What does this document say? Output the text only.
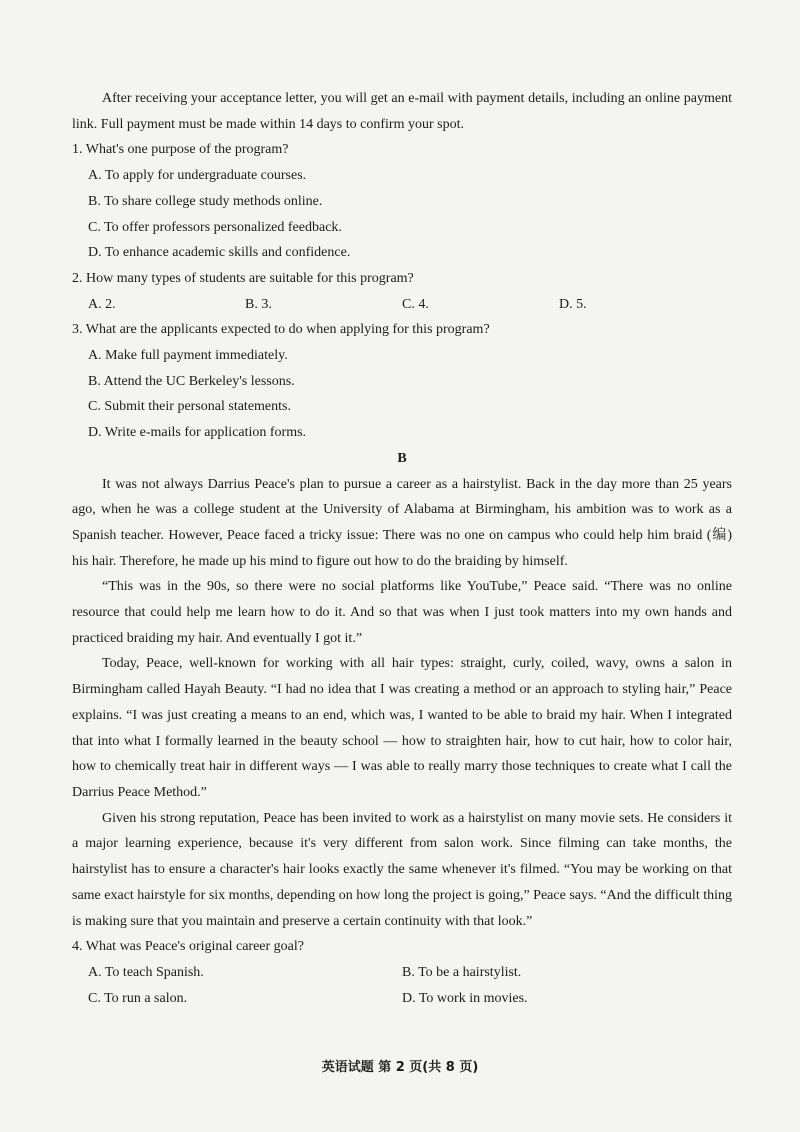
After receiving your acceptance letter, you will get an e-mail with payment details, including an online payment link. Full payment must be made within 14 days to confirm your spot.

1. What's one purpose of the program?

A. To apply for undergraduate courses.

B. To share college study methods online.

C. To offer professors personalized feedback.

D. To enhance academic skills and confidence.

2. How many types of students are suitable for this program?

A. 2.	B. 3.	C. 4.	D. 5.

3. What are the applicants expected to do when applying for this program?

A. Make full payment immediately.

B. Attend the UC Berkeley's lessons.

C. Submit their personal statements.

D. Write e-mails for application forms.

B

It was not always Darrius Peace's plan to pursue a career as a hairstylist. Back in the day more than 25 years ago, when he was a college student at the University of Alabama at Birmingham, his ambition was to work as a Spanish teacher. However, Peace faced a tricky issue: There was no one on campus who could help him braid (编) his hair. Therefore, he made up his mind to figure out how to do the braiding by himself.

“This was in the 90s, so there were no social platforms like YouTube,” Peace said. “There was no online resource that could help me learn how to do it. And so that was when I just took matters into my own hands and practiced braiding my hair. And eventually I got it.”

Today, Peace, well-known for working with all hair types: straight, curly, coiled, wavy, owns a salon in Birmingham called Hayah Beauty. “I had no idea that I was creating a method or an approach to styling hair,” Peace explains. “I was just creating a means to an end, which was, I wanted to be able to braid my hair. When I integrated that into what I formally learned in the beauty school — how to straighten hair, how to cut hair, how to color hair, how to chemically treat hair in different ways — I was able to really marry those techniques to create what I call the Darrius Peace Method.”

Given his strong reputation, Peace has been invited to work as a hairstylist on many movie sets. He considers it a major learning experience, because it's very different from salon work. Since filming can take months, the hairstylist has to ensure a character's hair looks exactly the same whenever it's filmed. “You may be working on that same exact hairstyle for six months, depending on how long the project is going,” Peace says. “And the difficult thing is making sure that you maintain and preserve a certain continuity with that look.”

4. What was Peace's original career goal?

A. To teach Spanish.	B. To be a hairstylist.
C. To run a salon.	D. To work in movies.
英语试题 第 2 页(共 8 页)
